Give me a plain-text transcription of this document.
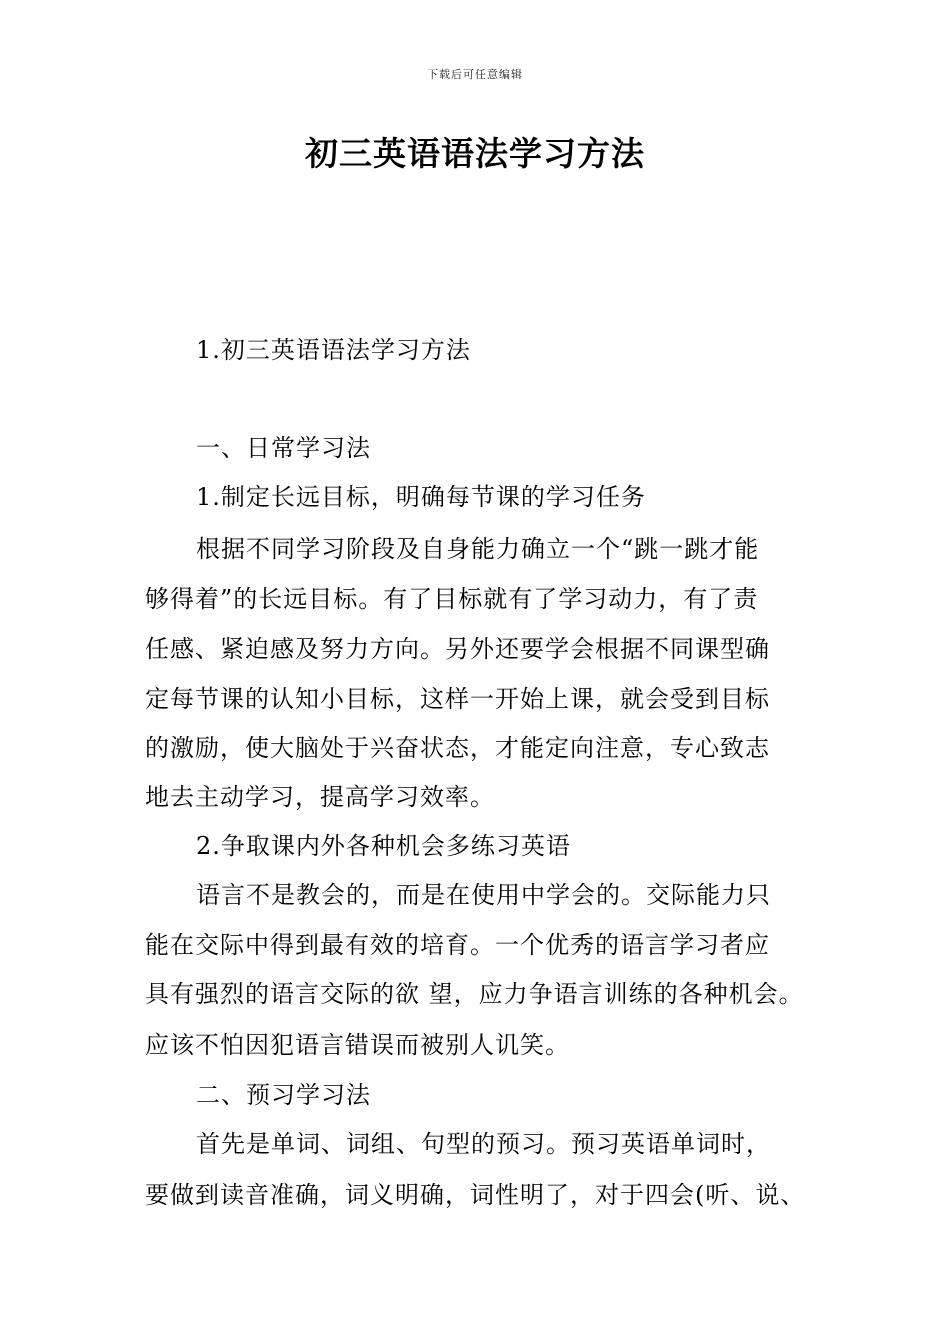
下载后可任意编辑
初三英语语法学习方法
1.初三英语语法学习方法
一、日常学习法
1.制定长远目标，明确每节课的学习任务
根据不同学习阶段及自身能力确立一个“跳一跳才能
够得着”的长远目标。有了目标就有了学习动力，有了责
任感、紧迫感及努力方向。另外还要学会根据不同课型确
定每节课的认知小目标，这样一开始上课，就会受到目标
的激励，使大脑处于兴奋状态，才能定向注意，专心致志
地去主动学习，提高学习效率。
2.争取课内外各种机会多练习英语
语言不是教会的，而是在使用中学会的。交际能力只
能在交际中得到最有效的培育。一个优秀的语言学习者应
具有强烈的语言交际的欲 望，应力争语言训练的各种机会。
应该不怕因犯语言错误而被别人讥笑。
二、预习学习法
首先是单词、词组、句型的预习。预习英语单词时，
要做到读音准确，词义明确，词性明了，对于四会(听、说、
